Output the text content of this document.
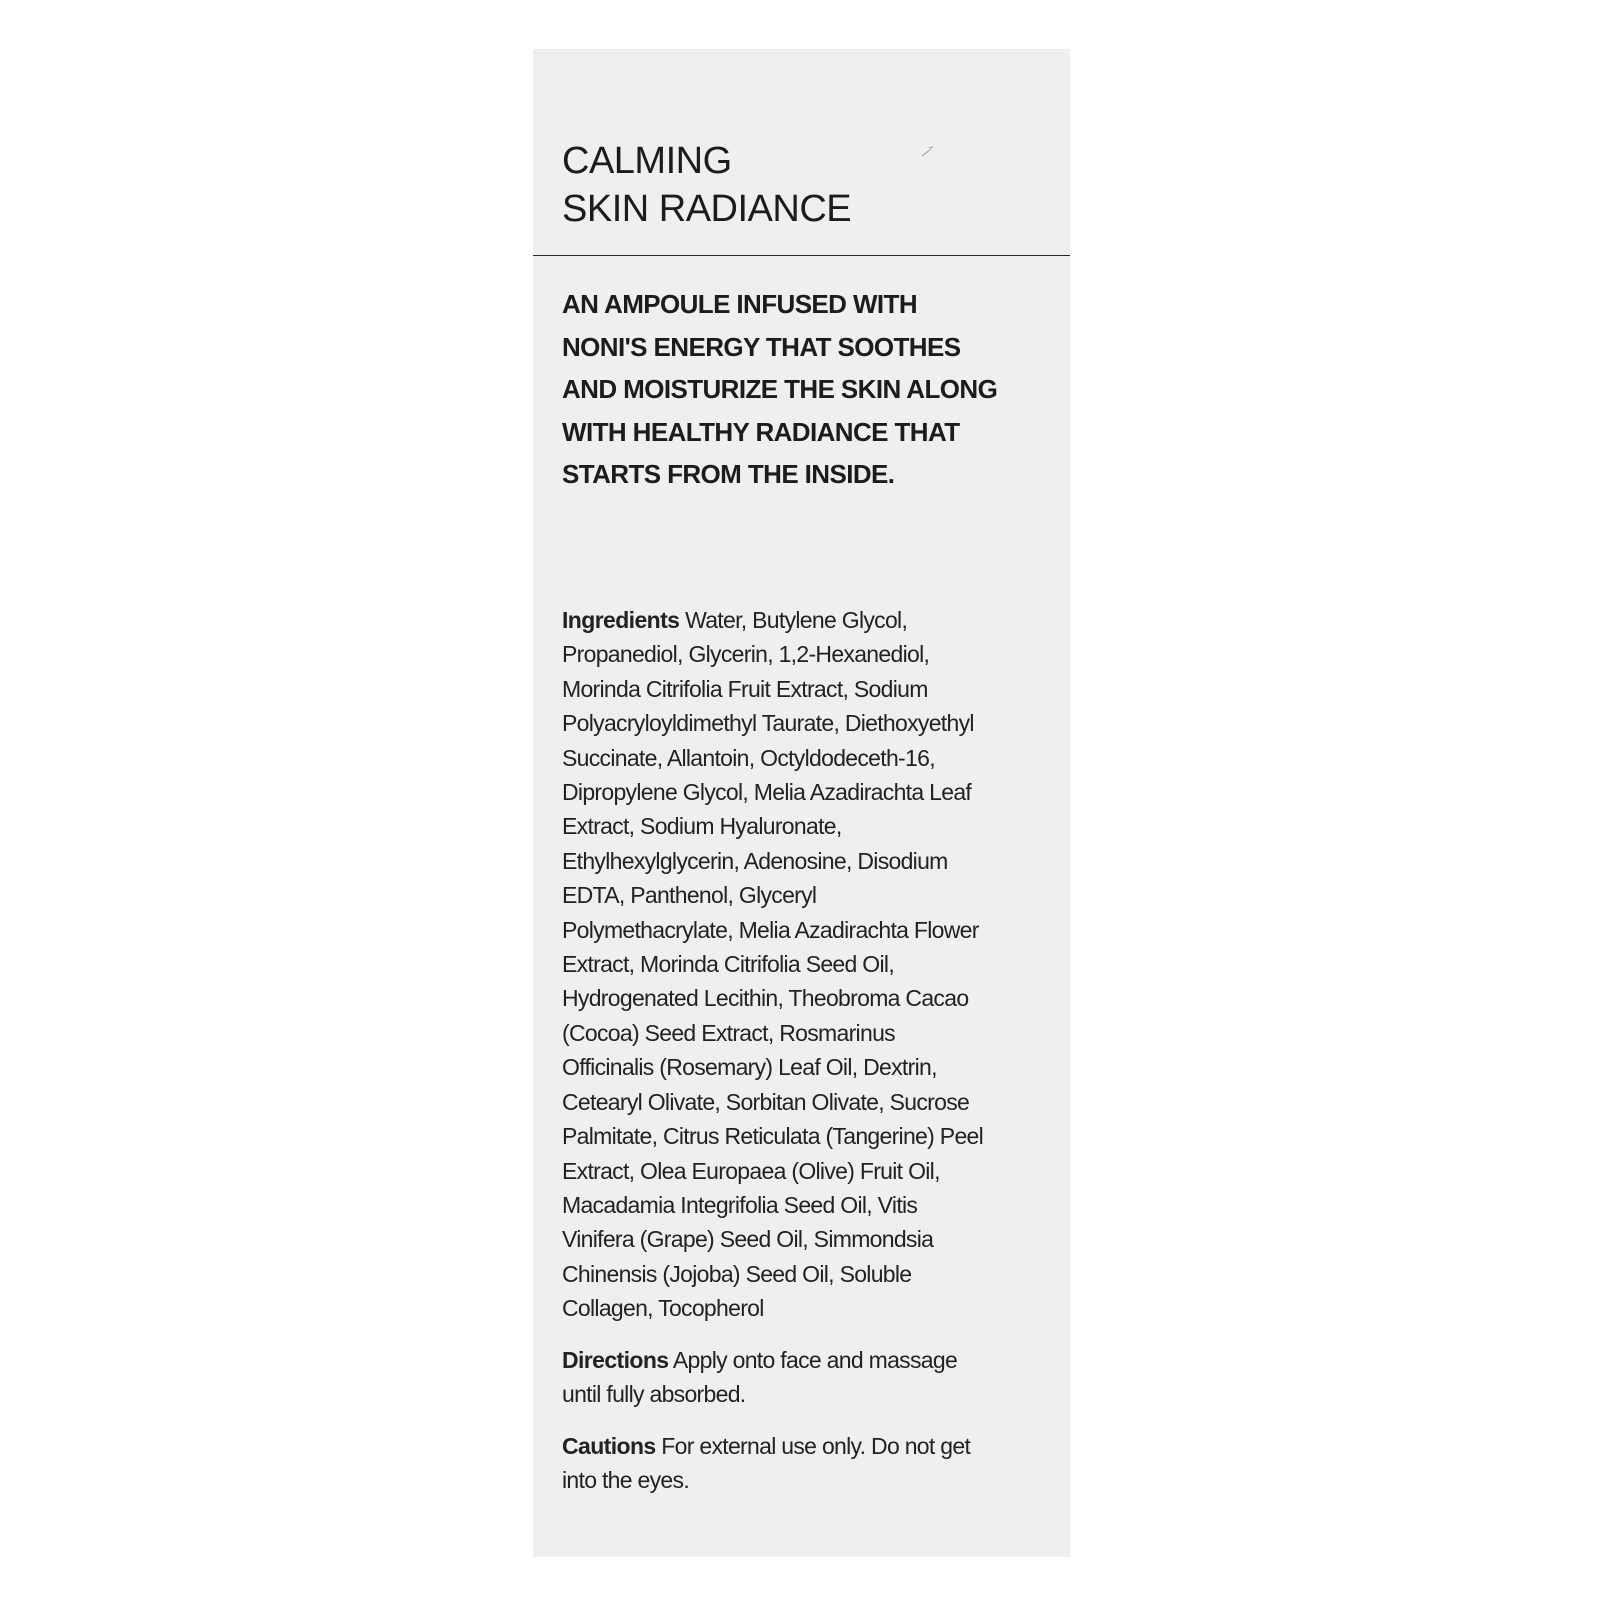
CALMING
SKIN RADIANCE
AN AMPOULE INFUSED WITH
NONI'S ENERGY THAT SOOTHES
AND MOISTURIZE THE SKIN ALONG
WITH HEALTHY RADIANCE THAT
STARTS FROM THE INSIDE.
Ingredients Water, Butylene Glycol,
Propanediol, Glycerin, 1,2-Hexanediol,
Morinda Citrifolia Fruit Extract, Sodium
Polyacryloyldimethyl Taurate, Diethoxyethyl
Succinate, Allantoin, Octyldodeceth-16,
Dipropylene Glycol, Melia Azadirachta Leaf
Extract, Sodium Hyaluronate,
Ethylhexylglycerin, Adenosine, Disodium
EDTA, Panthenol, Glyceryl
Polymethacrylate, Melia Azadirachta Flower
Extract, Morinda Citrifolia Seed Oil,
Hydrogenated Lecithin, Theobroma Cacao
(Cocoa) Seed Extract, Rosmarinus
Officinalis (Rosemary) Leaf Oil, Dextrin,
Cetearyl Olivate, Sorbitan Olivate, Sucrose
Palmitate, Citrus Reticulata (Tangerine) Peel
Extract, Olea Europaea (Olive) Fruit Oil,
Macadamia Integrifolia Seed Oil, Vitis
Vinifera (Grape) Seed Oil, Simmondsia
Chinensis (Jojoba) Seed Oil, Soluble
Collagen, Tocopherol
Directions Apply onto face and massage
until fully absorbed.
Cautions For external use only. Do not get
into the eyes.
